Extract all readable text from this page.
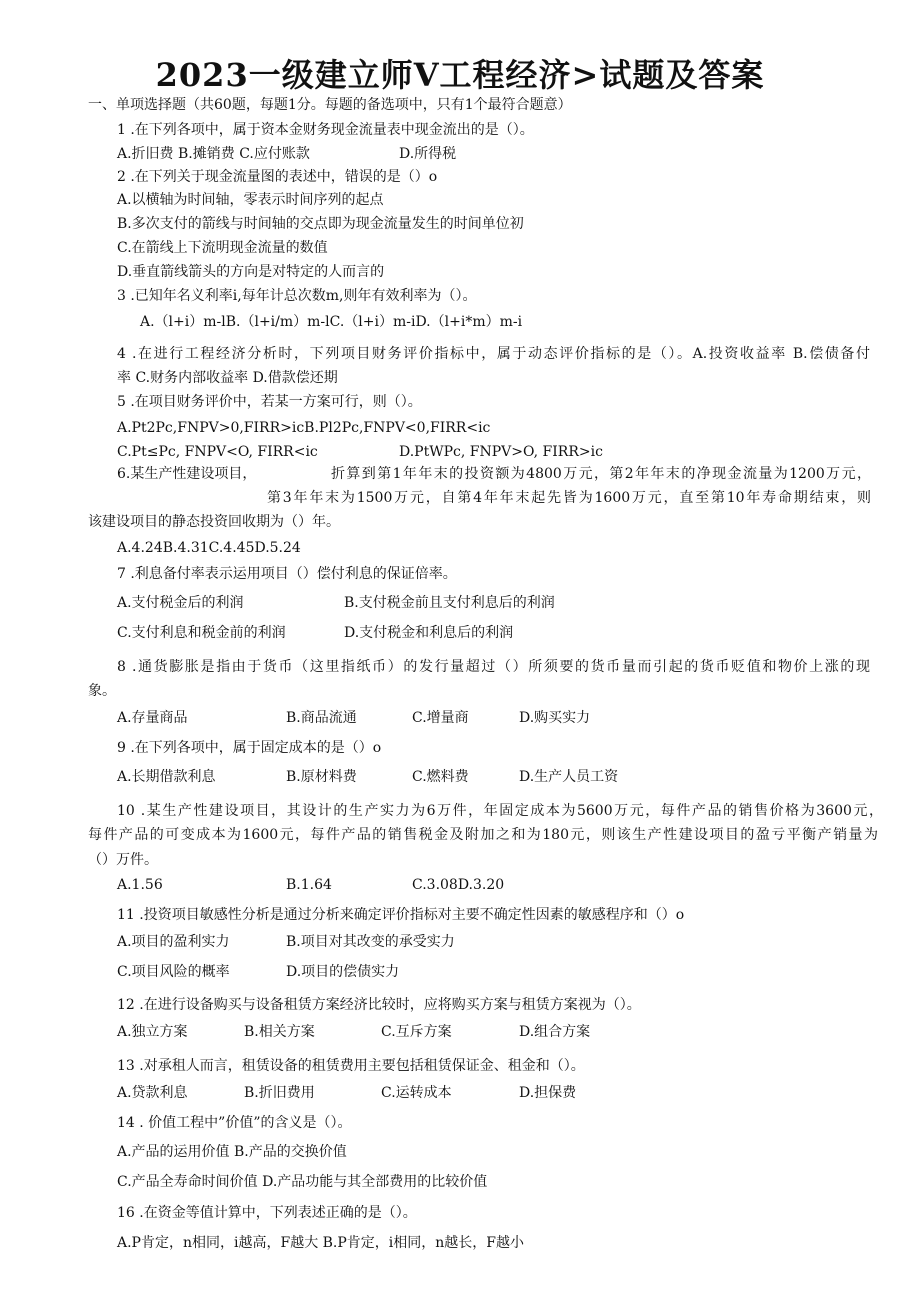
2023一级建立师Ⅴ工程经济>试题及答案
一、单项选择题（共60题，每题1分。每题的备选项中，只有1个最符合题意）
1 .在下列各项中，属于资本金财务现金流量表中现金流出的是（）。
A.折旧费 B.摊销费 C.应付账款	D.所得税
2 .在下列关于现金流量图的表述中，错误的是（）o
A.以横轴为时间轴，零表示时间序列的起点
B.多次支付的箭线与时间轴的交点即为现金流量发生的时间单位初
C.在箭线上下流明现金流量的数值
D.垂直箭线箭头的方向是对特定的人而言的
3 .已知年名义利率i,每年计总次数m,则年有效利率为（）。
A.（l+i）m-lB.（l+i/m）m-lC.（l+i）m-iD.（l+i*m）m-i
4 .在进行工程经济分析时，下列项目财务评价指标中，属于动态评价指标的是（）。A.投资收益率 B.偿债备付
率 C.财务内部收益率 D.借款偿还期
5 .在项目财务评价中，若某一方案可行，则（）。
A.Pt2Pc,FNPV>0,FIRR>icB.Pl2Pc,FNPV<0,FIRR<ic
C.Pt≤Pc, FNPV<O, FIRR<ic	D.PtWPc, FNPV>O, FIRR>ic
6.某生产性建设项目，	折算到第1年年末的投资额为4800万元，第2年年末的净现金流量为1200万元，
第3年年末为1500万元，自第4年年末起先皆为1600万元，直至第10年寿命期结束，则
该建设项目的静态投资回收期为（）年。
A.4.24B.4.31C.4.45D.5.24
7 .利息备付率表示运用项目（）偿付利息的保证倍率。
A.支付税金后的利润	B.支付税金前且支付利息后的利润
C.支付利息和税金前的利润	D.支付税金和利息后的利润
8 .通货膨胀是指由于货币（这里指纸币）的发行量超过（）所须要的货币量而引起的货币贬值和物价上涨的现
象。
A.存量商品	B.商品流通	C.增量商	D.购买实力
9 .在下列各项中，属于固定成本的是（）o
A.长期借款利息	B.原材料费	C.燃料费	D.生产人员工资
10 .某生产性建设项目，其设计的生产实力为6万件，年固定成本为5600万元，每件产品的销售价格为3600元，
每件产品的可变成本为1600元，每件产品的销售税金及附加之和为180元，则该生产性建设项目的盈亏平衡产销量为
（）万件。
A.1.56	B.1.64	C.3.08D.3.20
11 .投资项目敏感性分析是通过分析来确定评价指标对主要不确定性因素的敏感程序和（）o
A.项目的盈利实力	B.项目对其改变的承受实力
C.项目风险的概率	D.项目的偿债实力
12 .在进行设备购买与设备租赁方案经济比较时，应将购买方案与租赁方案视为（）。
A.独立方案	B.相关方案	C.互斥方案	D.组合方案
13 .对承租人而言，租赁设备的租赁费用主要包括租赁保证金、租金和（）。
A.贷款利息	B.折旧费用	C.运转成本	D.担保费
14 . 价值工程中”价值”的含义是（）。
A.产品的运用价值 B.产品的交换价值
C.产品全寿命时间价值 D.产品功能与其全部费用的比较价值
16 .在资金等值计算中，下列表述正确的是（）。
A.P肯定，n相同，i越高，F越大 B.P肯定，i相同，n越长，F越小
